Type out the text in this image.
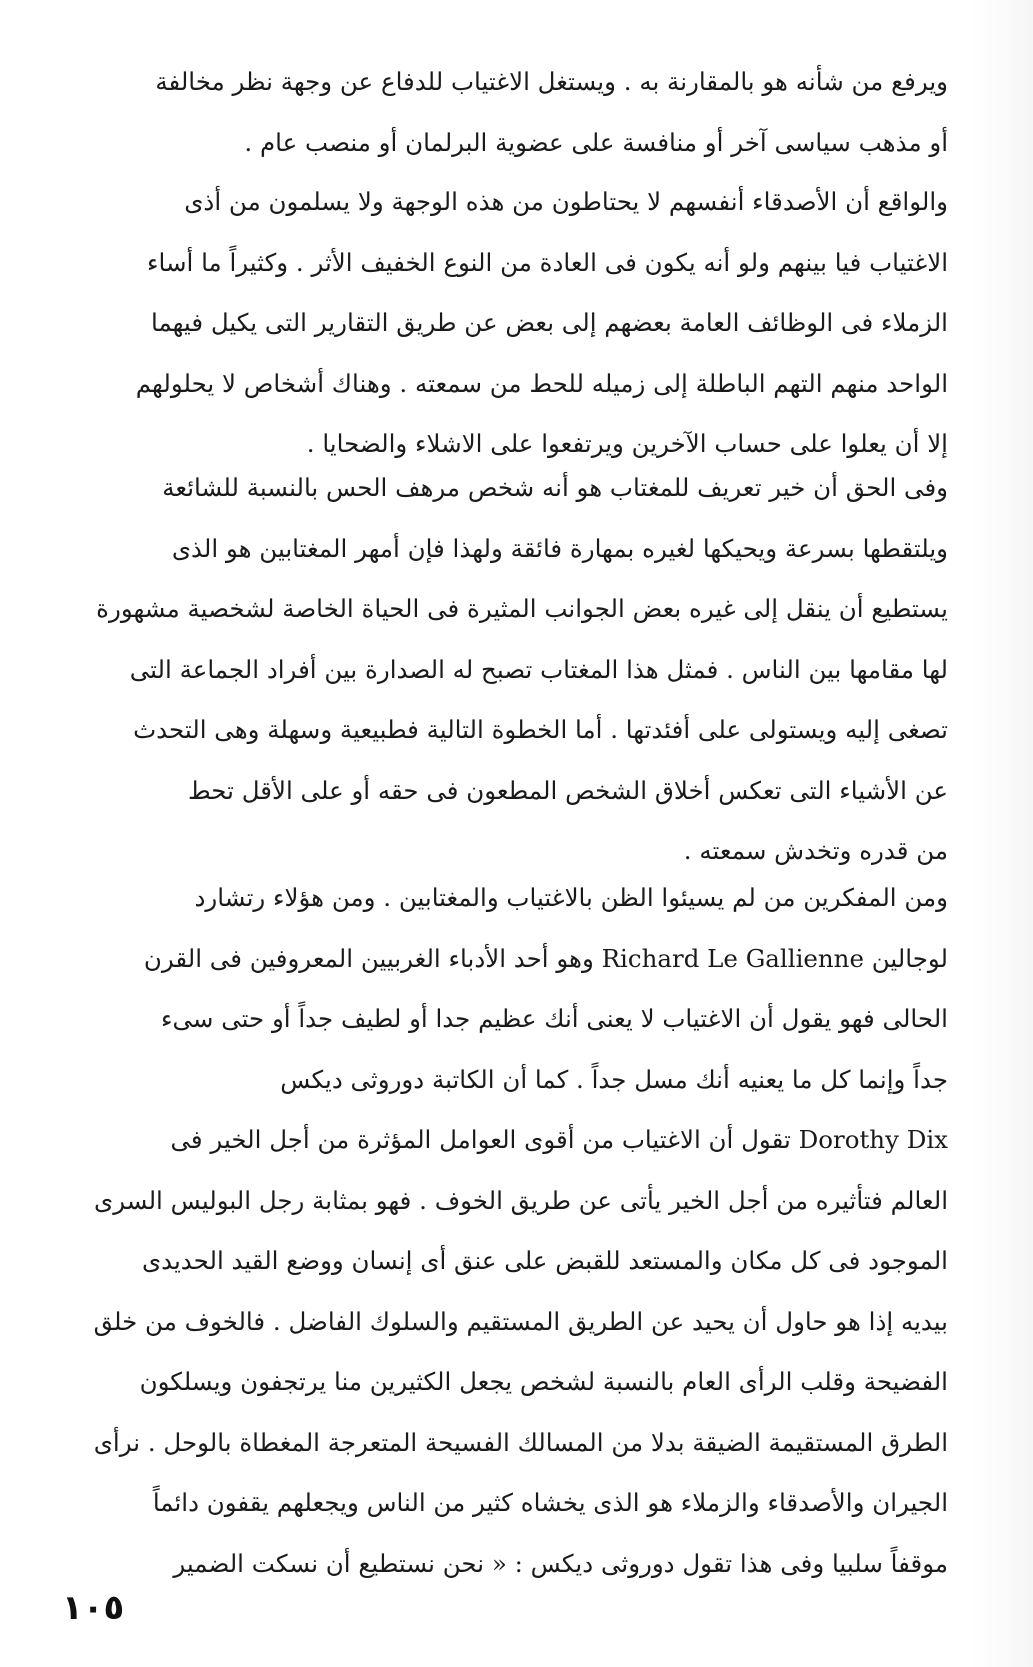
ويرفع من شأنه هو بالمقارنة به . ويستغل الاغتياب للدفاع عن وجهة نظر مخالفة
أو مذهب سياسى آخر أو منافسة على عضوية البرلمان أو منصب عام .
والواقع أن الأصدقاء أنفسهم لا يحتاطون من هذه الوجهة ولا يسلمون من أذى
الاغتياب فيا بينهم ولو أنه يكون فى العادة من النوع الخفيف الأثر . وكثيراً ما أساء
الزملاء فى الوظائف العامة بعضهم إلى بعض عن طريق التقارير التى يكيل فيهما
الواحد منهم التهم الباطلة إلى زميله للحط من سمعته . وهناك أشخاص لا يحلولهم
إلا أن يعلوا على حساب الآخرين ويرتفعوا على الاشلاء والضحايا .
وفى الحق أن خير تعريف للمغتاب هو أنه شخص مرهف الحس بالنسبة للشائعة
ويلتقطها بسرعة ويحيكها لغيره بمهارة فائقة ولهذا فإن أمهر المغتابين هو الذى
يستطيع أن ينقل إلى غيره بعض الجوانب المثيرة فى الحياة الخاصة لشخصية مشهورة
لها مقامها بين الناس . فمثل هذا المغتاب تصبح له الصدارة بين أفراد الجماعة التى
تصغى إليه ويستولى على أفئدتها . أما الخطوة التالية فطبيعية وسهلة وهى التحدث
عن الأشياء التى تعكس أخلاق الشخص المطعون فى حقه أو على الأقل تحط
من قدره وتخدش سمعته .
ومن المفكرين من لم يسيئوا الظن بالاغتياب والمغتابين . ومن هؤلاء رتشارد
لوجالين Richard Le Gallienne وهو أحد الأدباء الغربيين المعروفين فى القرن
الحالى فهو يقول أن الاغتياب لا يعنى أنك عظيم جدا أو لطيف جداً أو حتى سىء
جداً وإنما كل ما يعنيه أنك مسل جداً . كما أن الكاتبة دوروثى ديكس
Dorothy Dix تقول أن الاغتياب من أقوى العوامل المؤثرة من أجل الخير فى
العالم فتأثيره من أجل الخير يأتى عن طريق الخوف . فهو بمثابة رجل البوليس السرى
الموجود فى كل مكان والمستعد للقبض على عنق أى إنسان ووضع القيد الحديدى
بيديه إذا هو حاول أن يحيد عن الطريق المستقيم والسلوك الفاضل . فالخوف من خلق
الفضيحة وقلب الرأى العام بالنسبة لشخص يجعل الكثيرين منا يرتجفون ويسلكون
الطرق المستقيمة الضيقة بدلا من المسالك الفسيحة المتعرجة المغطاة بالوحل . نرأى
الجيران والأصدقاء والزملاء هو الذى يخشاه كثير من الناس ويجعلهم يقفون دائماً
موقفاً سلبيا وفى هذا تقول دوروثى ديكس : « نحن نستطيع أن نسكت الضمير
١٠٥
